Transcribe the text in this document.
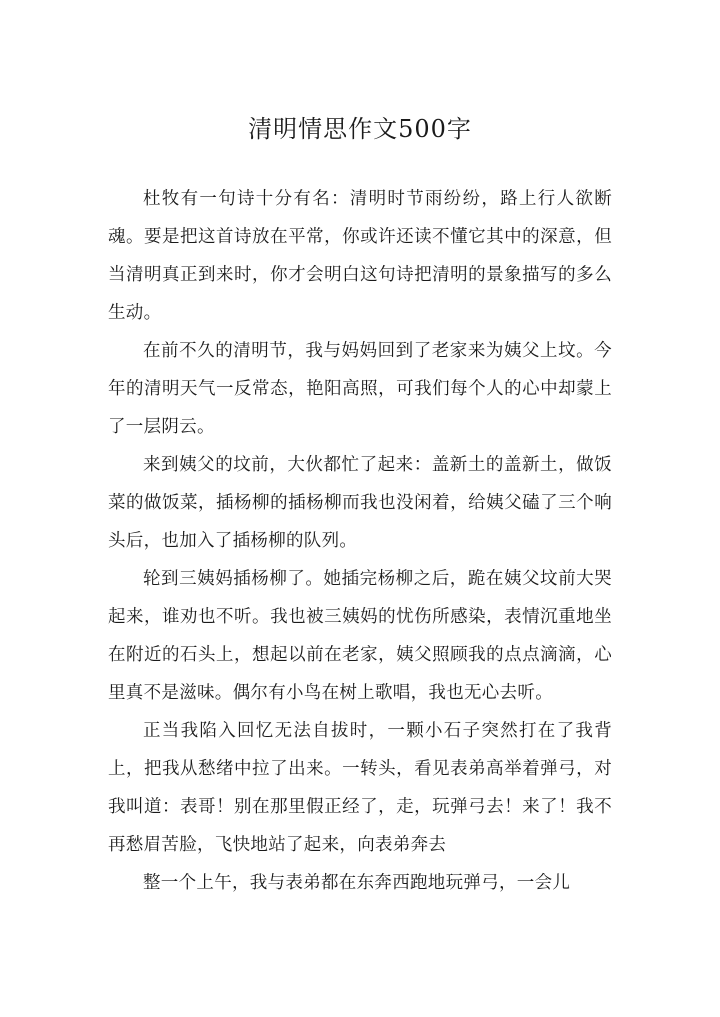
清明情思作文500字

杜牧有一句诗十分有名：清明时节雨纷纷，路上行人欲断魂。要是把这首诗放在平常，你或许还读不懂它其中的深意，但当清明真正到来时，你才会明白这句诗把清明的景象描写的多么生动。

在前不久的清明节，我与妈妈回到了老家来为姨父上坟。今年的清明天气一反常态，艳阳高照，可我们每个人的心中却蒙上了一层阴云。

来到姨父的坟前，大伙都忙了起来：盖新土的盖新土，做饭菜的做饭菜，插杨柳的插杨柳而我也没闲着，给姨父磕了三个响头后，也加入了插杨柳的队列。

轮到三姨妈插杨柳了。她插完杨柳之后，跪在姨父坟前大哭起来，谁劝也不听。我也被三姨妈的忧伤所感染，表情沉重地坐在附近的石头上，想起以前在老家，姨父照顾我的点点滴滴，心里真不是滋味。偶尔有小鸟在树上歌唱，我也无心去听。

正当我陷入回忆无法自拔时，一颗小石子突然打在了我背上，把我从愁绪中拉了出来。一转头，看见表弟高举着弹弓，对我叫道：表哥！别在那里假正经了，走，玩弹弓去！来了！我不再愁眉苦脸，飞快地站了起来，向表弟奔去

整一个上午，我与表弟都在东奔西跑地玩弹弓，一会儿
